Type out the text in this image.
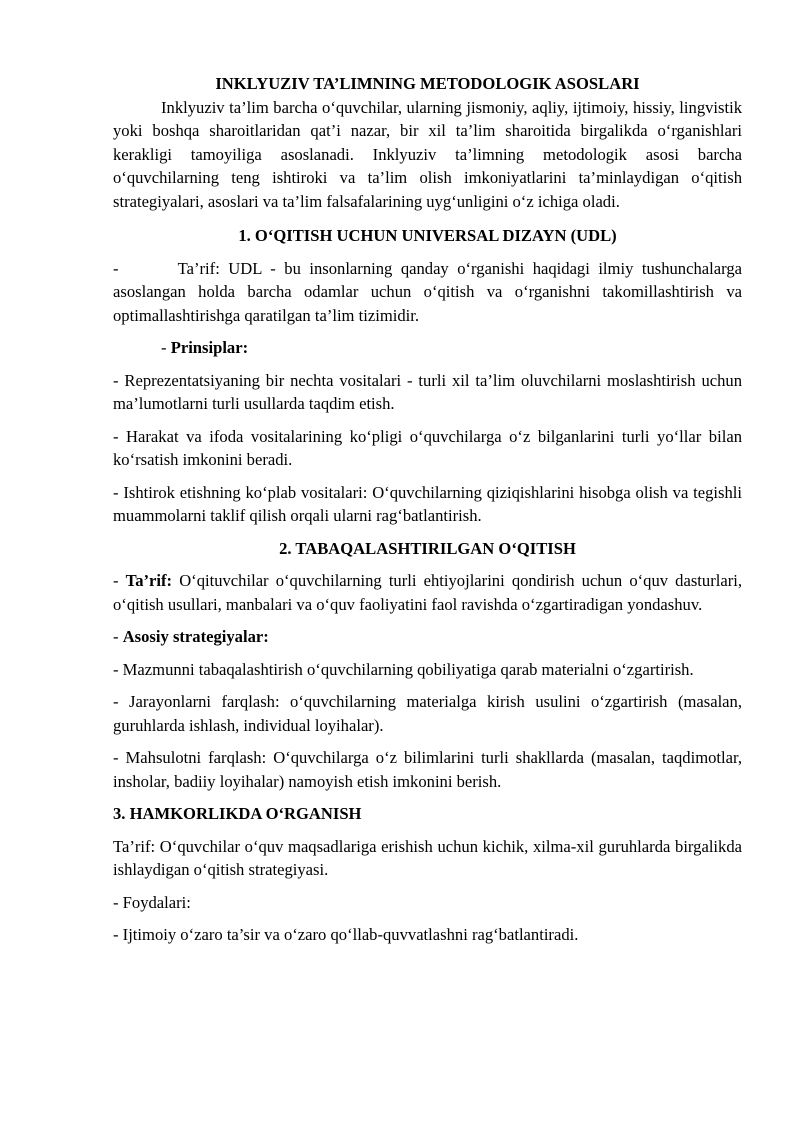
INKLYUZIV TA’LIMNING METODOLOGIK ASOSLARI

Inklyuziv ta’lim barcha o‘quvchilar, ularning jismoniy, aqliy, ijtimoiy, hissiy, lingvistik yoki boshqa sharoitlaridan qat’i nazar, bir xil ta’lim sharoitida birgalikda o‘rganishlari kerakligi tamoyiliga asoslanadi. Inklyuziv ta’limning metodologik asosi barcha o‘quvchilarning teng ishtiroki va ta’lim olish imkoniyatlarini ta’minlaydigan o‘qitish strategiyalari, asoslari va ta’lim falsafalarining uyg‘unligini o‘z ichiga oladi.

1. O‘QITISH UCHUN UNIVERSAL DIZAYN (UDL)

-       Ta’rif: UDL - bu insonlarning qanday o‘rganishi haqidagi ilmiy tushunchalarga asoslangan holda barcha odamlar uchun o‘qitish va o‘rganishni takomillashtirish va optimallashtirishga qaratilgan ta’lim tizimidir.

- Prinsiplar:

- Reprezentatsiyaning bir nechta vositalari - turli xil ta’lim oluvchilarni moslashtirish uchun ma’lumotlarni turli usullarda taqdim etish.

- Harakat va ifoda vositalarining ko‘pligi o‘quvchilarga o‘z bilganlarini turli yo‘llar bilan ko‘rsatish imkonini beradi.

- Ishtirok etishning ko‘plab vositalari: O‘quvchilarning qiziqishlarini hisobga olish va tegishli muammolarni taklif qilish orqali ularni rag‘batlantirish.

2. TABAQALASHTIRILGAN O‘QITISH

- Ta’rif: O‘qituvchilar o‘quvchilarning turli ehtiyojlarini qondirish uchun o‘quv dasturlari, o‘qitish usullari, manbalari va o‘quv faoliyatini faol ravishda o‘zgartiradigan yondashuv.

- Asosiy strategiyalar:

- Mazmunni tabaqalashtirish o‘quvchilarning qobiliyatiga qarab materialni o‘zgartirish.

- Jarayonlarni farqlash: o‘quvchilarning materialga kirish usulini o‘zgartirish (masalan, guruhlarda ishlash, individual loyihalar).

- Mahsulotni farqlash: O‘quvchilarga o‘z bilimlarini turli shakllarda (masalan, taqdimotlar, insholar, badiiy loyihalar) namoyish etish imkonini berish.

3. HAMKORLIKDA O‘RGANISH

Ta’rif: O‘quvchilar o‘quv maqsadlariga erishish uchun kichik, xilma-xil guruhlarda birgalikda ishlaydigan o‘qitish strategiyasi.

- Foydalari:

- Ijtimoiy o‘zaro ta’sir va o‘zaro qo‘llab-quvvatlashni rag‘batlantiradi.
